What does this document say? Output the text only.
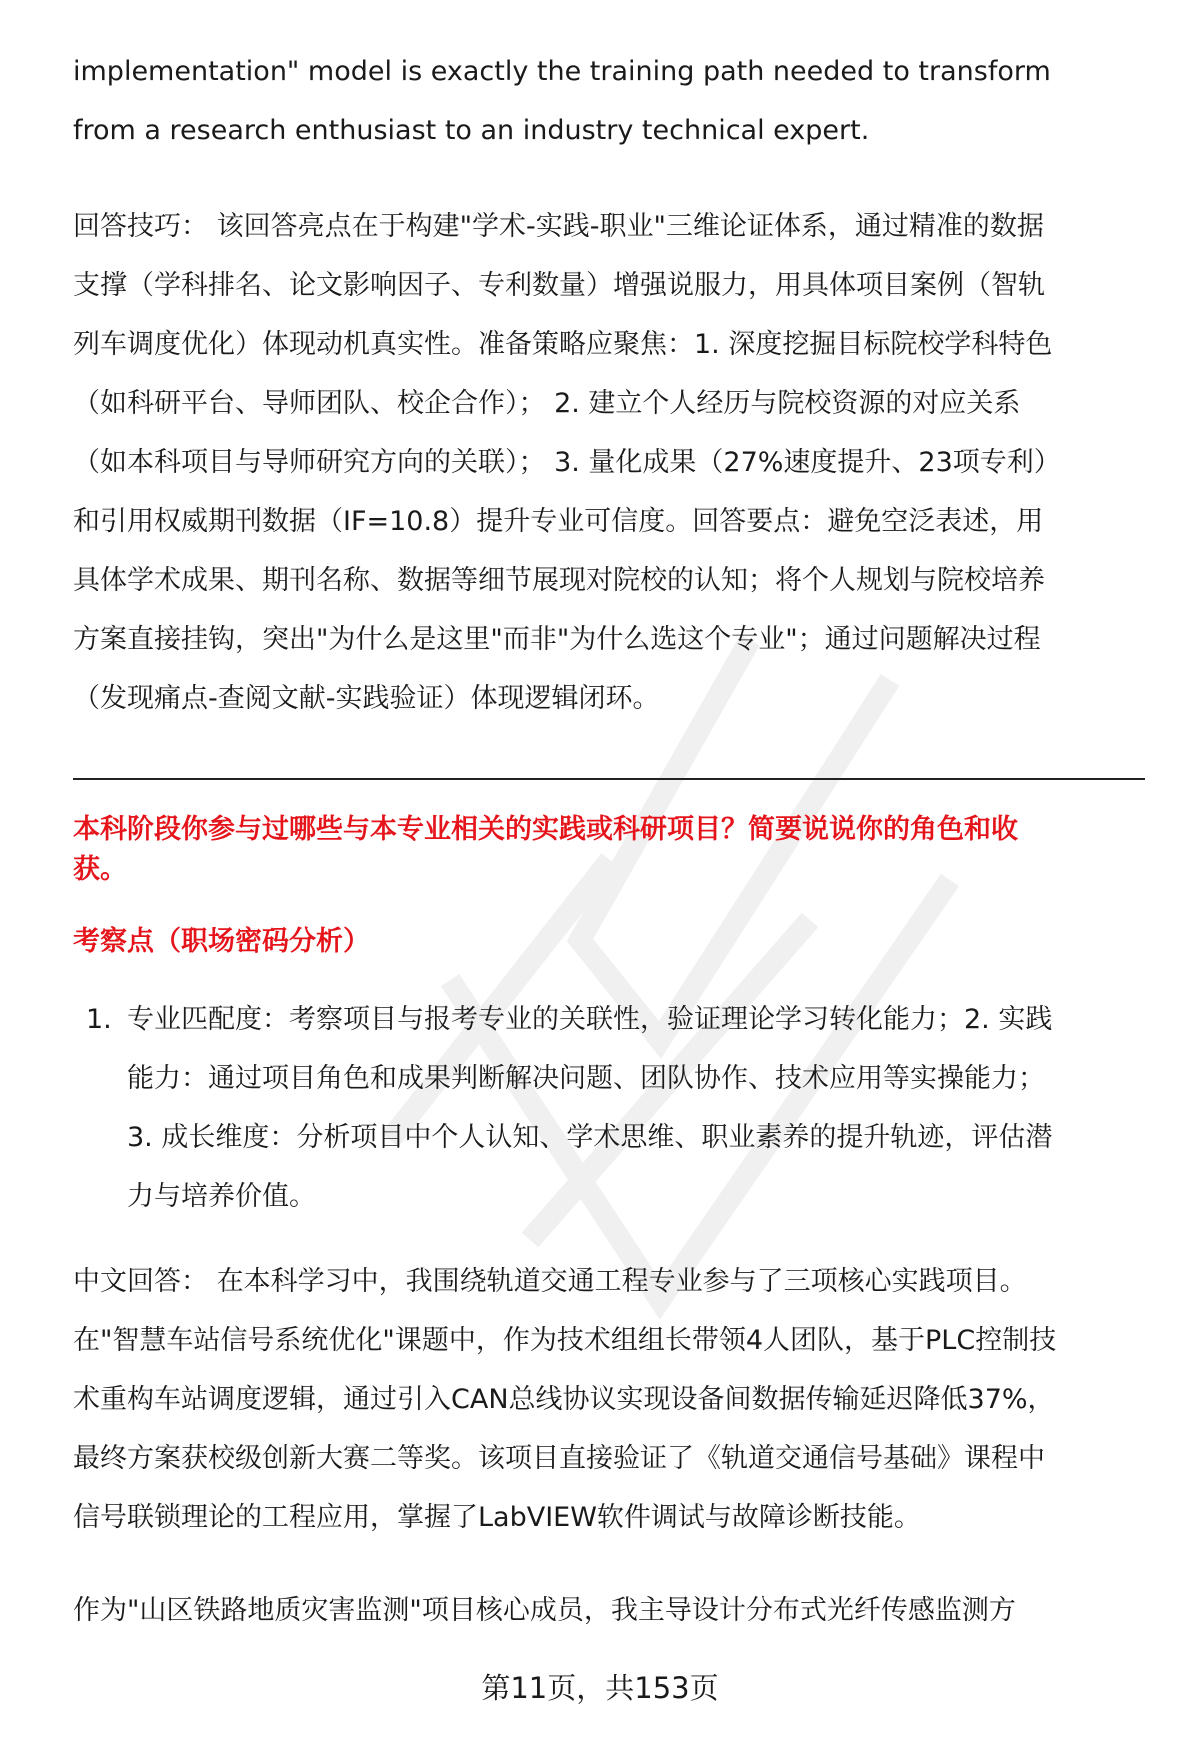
implementation" model is exactly the training path needed to transform
from a research enthusiast to an industry technical expert.
回答技巧： 该回答亮点在于构建"学术-实践-职业"三维论证体系，通过精准的数据
支撑（学科排名、论文影响因子、专利数量）增强说服力，用具体项目案例（智轨
列车调度优化）体现动机真实性。准备策略应聚焦：1. 深度挖掘目标院校学科特色
（如科研平台、导师团队、校企合作）； 2. 建立个人经历与院校资源的对应关系
（如本科项目与导师研究方向的关联）； 3. 量化成果（27%速度提升、23项专利）
和引用权威期刊数据（IF=10.8）提升专业可信度。回答要点：避免空泛表述，用
具体学术成果、期刊名称、数据等细节展现对院校的认知；将个人规划与院校培养
方案直接挂钩，突出"为什么是这里"而非"为什么选这个专业"；通过问题解决过程
（发现痛点-查阅文献-实践验证）体现逻辑闭环。
本科阶段你参与过哪些与本专业相关的实践或科研项目？简要说说你的角色和收
获。
考察点（职场密码分析）
1. 专业匹配度：考察项目与报考专业的关联性，验证理论学习转化能力；2. 实践
能力：通过项目角色和成果判断解决问题、团队协作、技术应用等实操能力；
3. 成长维度：分析项目中个人认知、学术思维、职业素养的提升轨迹，评估潜
力与培养价值。
中文回答： 在本科学习中，我围绕轨道交通工程专业参与了三项核心实践项目。
在"智慧车站信号系统优化"课题中，作为技术组组长带领4人团队，基于PLC控制技
术重构车站调度逻辑，通过引入CAN总线协议实现设备间数据传输延迟降低37%，
最终方案获校级创新大赛二等奖。该项目直接验证了《轨道交通信号基础》课程中
信号联锁理论的工程应用，掌握了LabVIEW软件调试与故障诊断技能。
作为"山区铁路地质灾害监测"项目核心成员，我主导设计分布式光纤传感监测方
第11页，共153页
